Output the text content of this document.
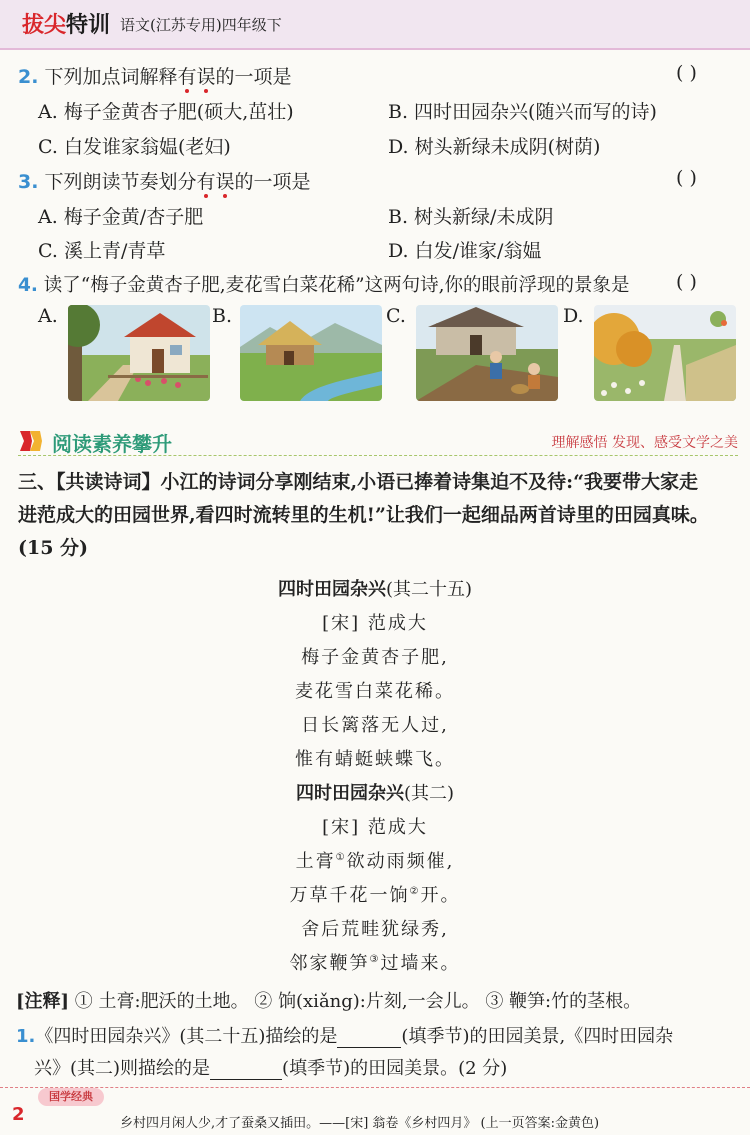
拔尖特训 语文(江苏专用)四年级下
2. 下列加点词解释有误的一项是	( )
A. 梅子金黄杏子肥(硕大,茁壮)	B. 四时田园杂兴(随兴而写的诗)
C. 白发谁家翁媪(老妇)	D. 树头新绿未成阴(树荫)
3. 下列朗读节奏划分有误的一项是	( )
A. 梅子金黄/杏子肥	B. 树头新绿/未成阴
C. 溪上青/青草	D. 白发/谁家/翁媪
4. 读了“梅子金黄杏子肥,麦花雪白菜花稀”这两句诗,你的眼前浮现的景象是 ( )
A.	B.	C.	D.
阅读素养攀升	理解感悟 发现、感受文学之美
三、【共读诗词】小江的诗词分享刚结束,小语已捧着诗集迫不及待:“我要带大家走
进范成大的田园世界,看四时流转里的生机!”让我们一起细品两首诗里的田园真味。
(15 分)
四时田园杂兴(其二十五)
[宋] 范成大
梅子金黄杏子肥,
麦花雪白菜花稀。
日长篱落无人过,
惟有蜻蜓蛱蝶飞。
四时田园杂兴(其二)
[宋] 范成大
土膏①欲动雨频催,
万草千花一饷②开。
舍后荒畦犹绿秀,
邻家鞭笋③过墙来。
[注释] ① 土膏:肥沃的土地。 ② 饷(xiǎng):片刻,一会儿。 ③ 鞭笋:竹的茎根。
1.《四时田园杂兴》(其二十五)描绘的是	(填季节)的田园美景,《四时田园杂
兴》(其二)则描绘的是	(填季节)的田园美景。(2 分)
国学经典
2	乡村四月闲人少,才了蚕桑又插田。——[宋] 翁卷《乡村四月》 (上一页答案:金黄色)
